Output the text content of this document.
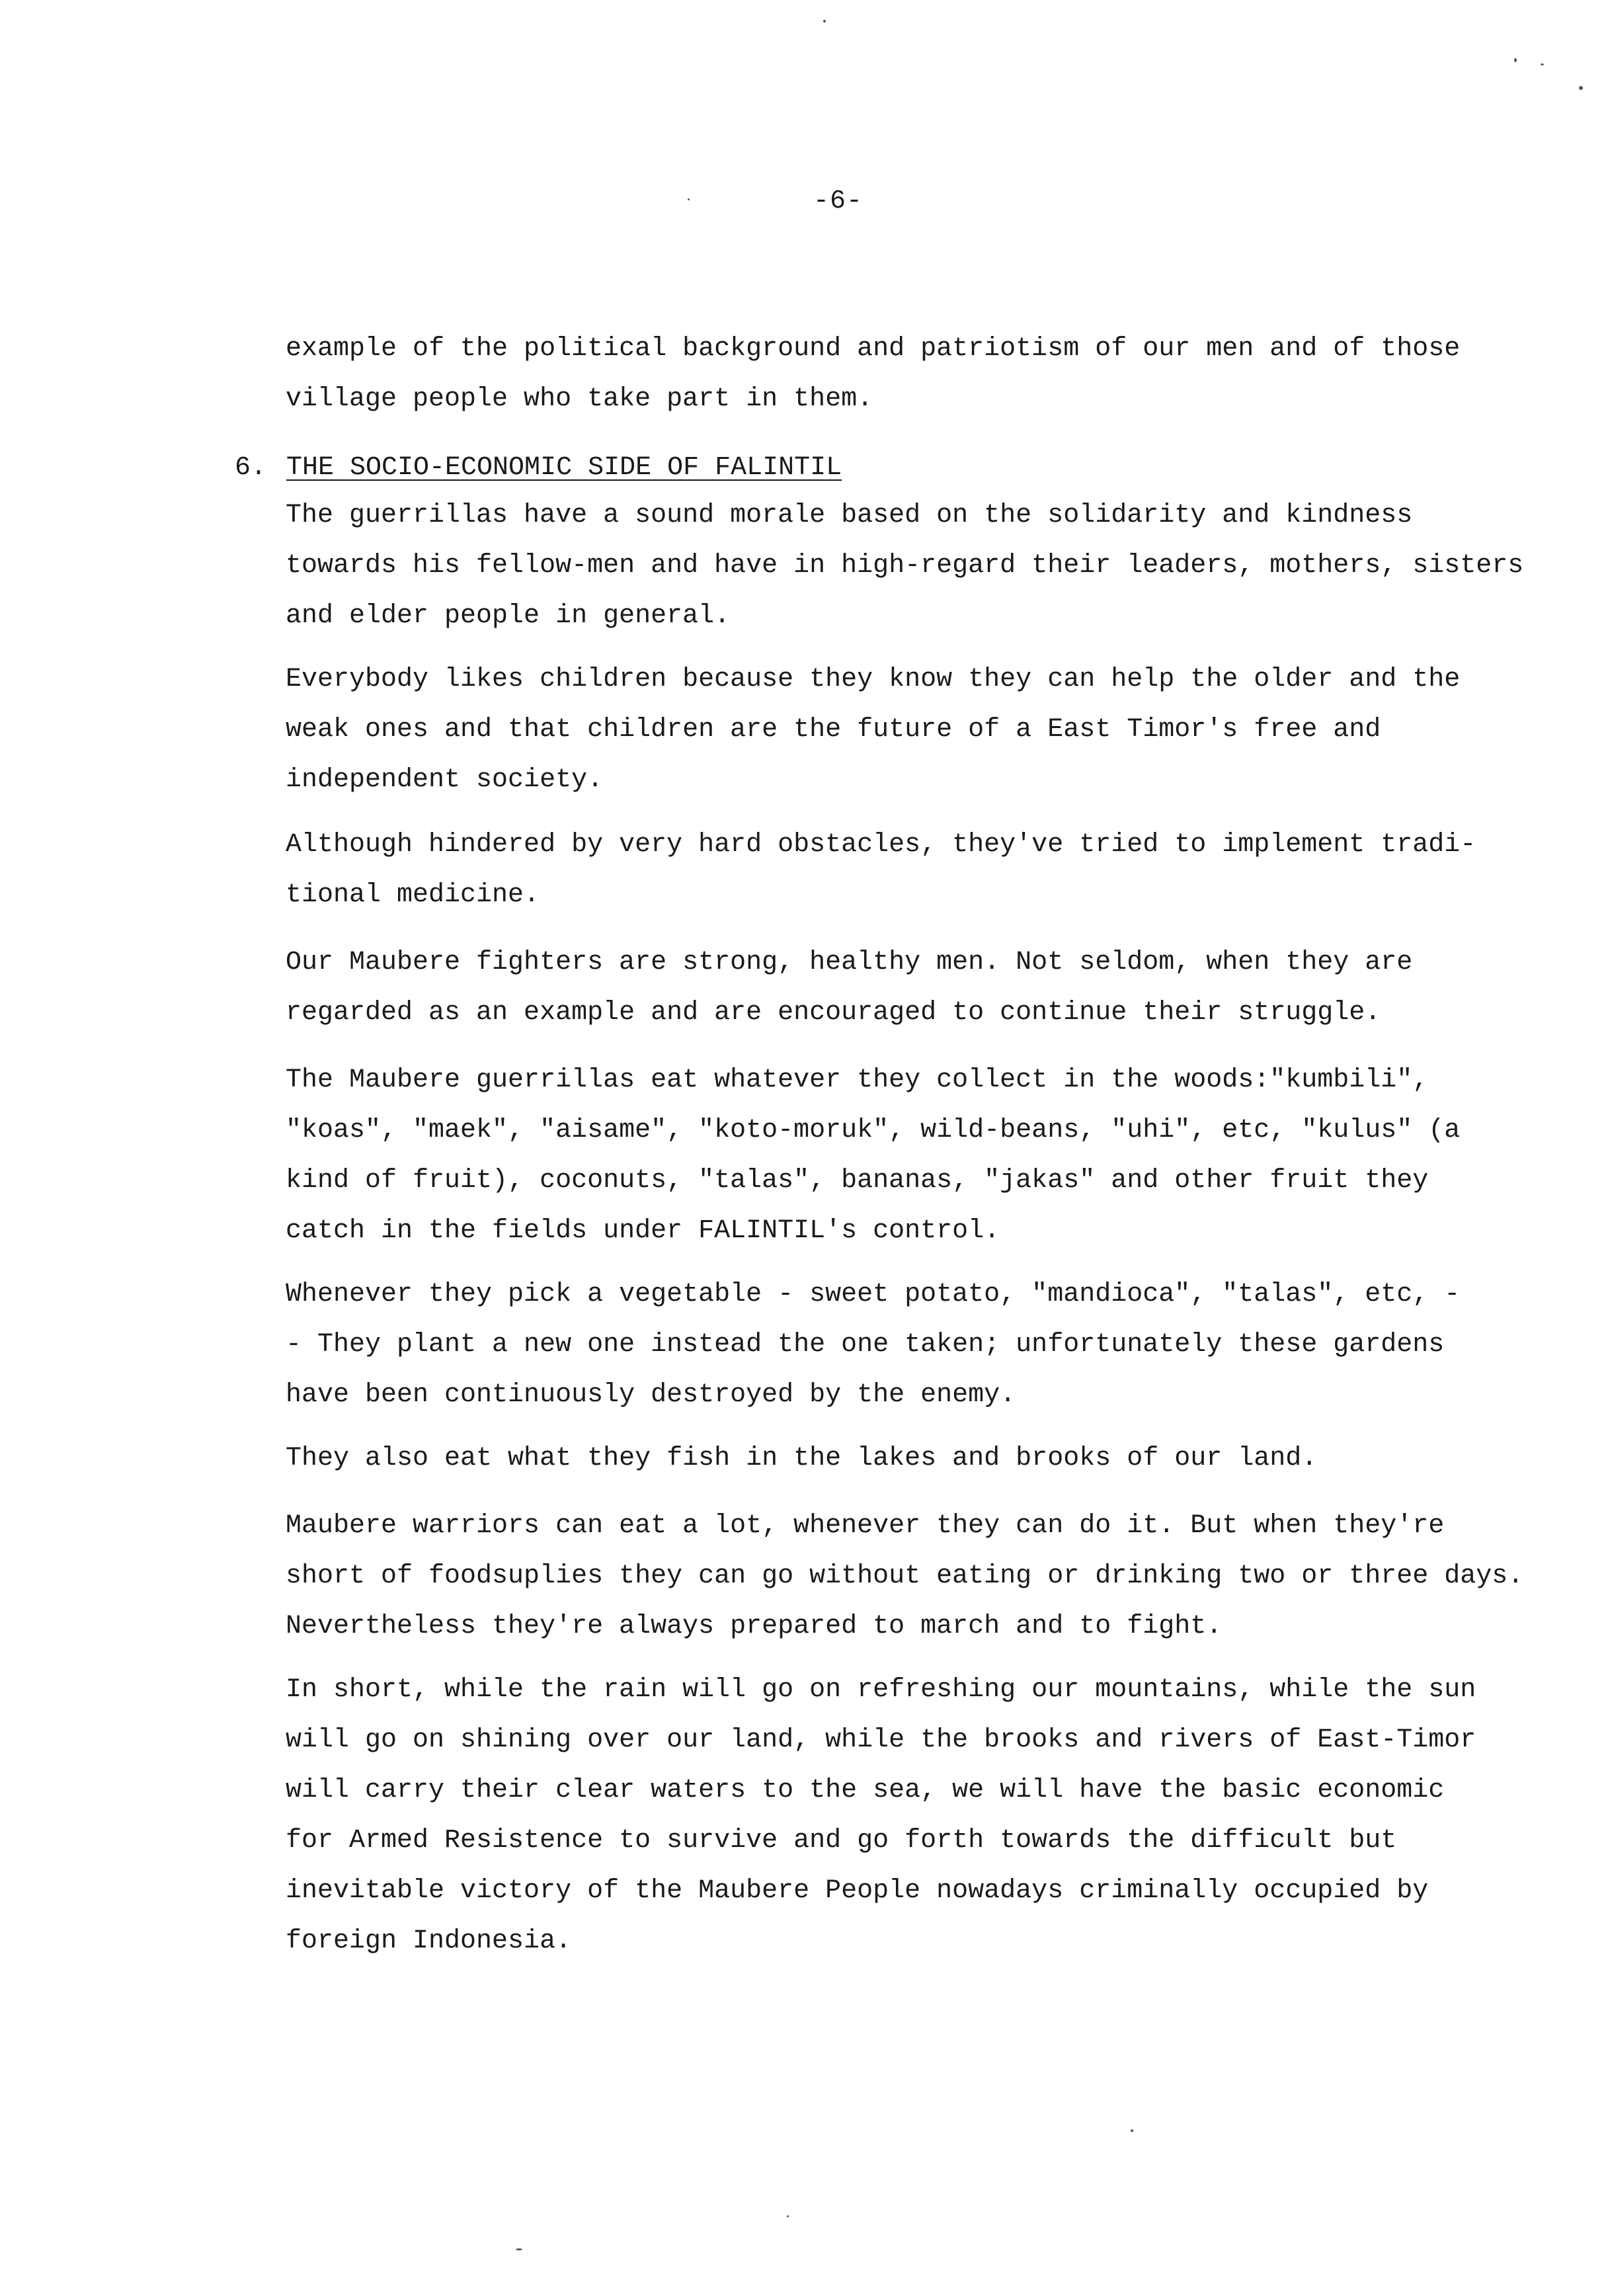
-6-
example of the political background and patriotism of our men and of those
village people who take part in them.
6. THE SOCIO-ECONOMIC SIDE OF FALINTIL
The guerrillas have a sound morale based on the solidarity and kindness
towards his fellow-men and have in high-regard their leaders, mothers, sisters
and elder people in general.
Everybody likes children because they know they can help the older and the
weak ones and that children are the future of a East Timor's free and
independent society.
Although hindered by very hard obstacles, they've tried to implement tradi-
tional medicine.
Our Maubere fighters are strong, healthy men. Not seldom, when they are
regarded as an example and are encouraged to continue their struggle.
The Maubere guerrillas eat whatever they collect in the woods:"kumbili",
"koas", "maek", "aisame", "koto-moruk", wild-beans, "uhi", etc, "kulus" (a
kind of fruit), coconuts, "talas", bananas, "jakas" and other fruit they
catch in the fields under FALINTIL's control.
Whenever they pick a vegetable - sweet potato, "mandioca", "talas", etc, -
- They plant a new one instead the one taken; unfortunately these gardens
have been continuously destroyed by the enemy.
They also eat what they fish in the lakes and brooks of our land.
Maubere warriors can eat a lot, whenever they can do it. But when they're
short of foodsuplies they can go without eating or drinking two or three days.
Nevertheless they're always prepared to march and to fight.
In short, while the rain will go on refreshing our mountains, while the sun
will go on shining over our land, while the brooks and rivers of East-Timor
will carry their clear waters to the sea, we will have the basic economic
for Armed Resistence to survive and go forth towards the difficult but
inevitable victory of the Maubere People nowadays criminally occupied by
foreign Indonesia.
